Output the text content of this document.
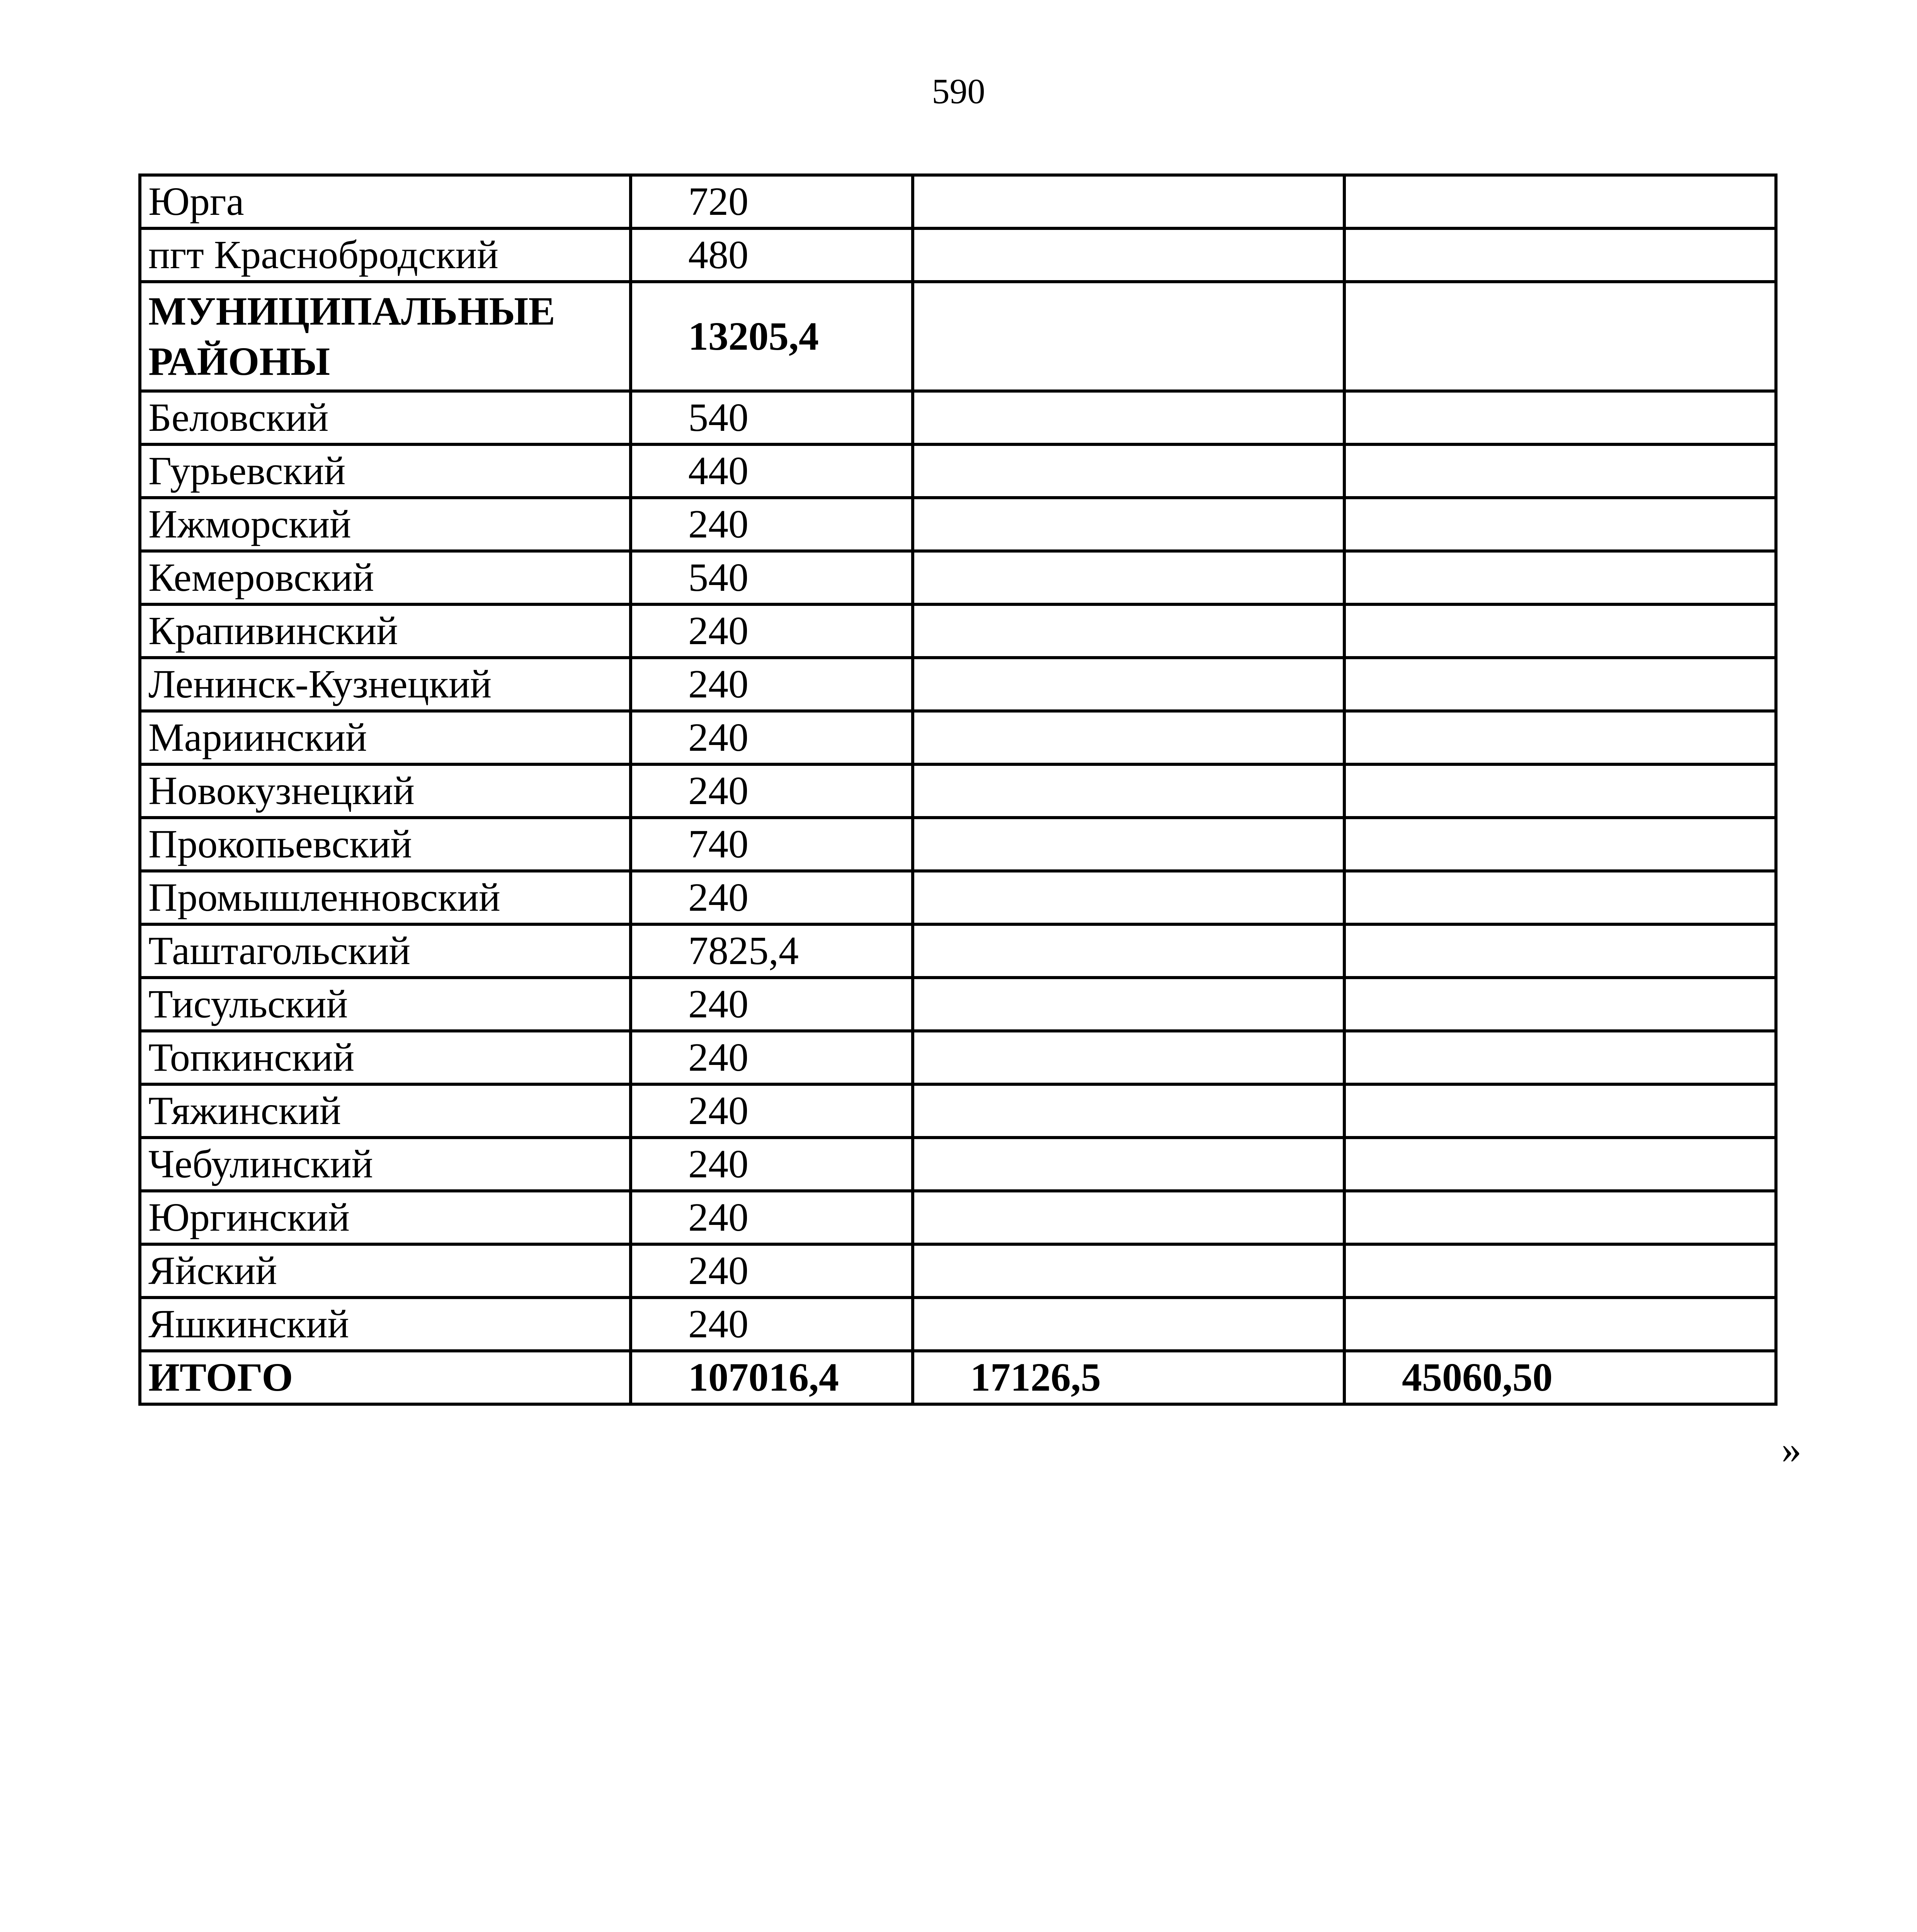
590
Юрга	720		
пгт Краснобродский	480		
МУНИЦИПАЛЬНЫЕ РАЙОНЫ	13205,4		
Беловский	540		
Гурьевский	440		
Ижморский	240		
Кемеровский	540		
Крапивинский	240		
Ленинск-Кузнецкий	240		
Мариинский	240		
Новокузнецкий	240		
Прокопьевский	740		
Промышленновский	240		
Таштагольский	7825,4		
Тисульский	240		
Топкинский	240		
Тяжинский	240		
Чебулинский	240		
Юргинский	240		
Яйский	240		
Яшкинский	240		
ИТОГО	107016,4	17126,5	45060,50
»
